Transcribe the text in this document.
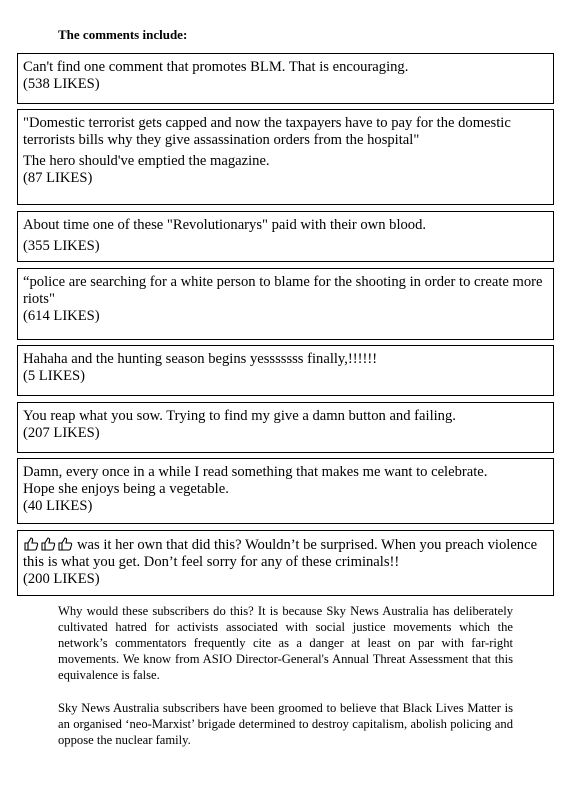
The comments include:

Can't find one comment that promotes BLM. That is encouraging.

(538 LIKES)

"Domestic terrorist gets capped and now the taxpayers have to pay for the domestic terrorists bills why they give assassination orders from the hospital"

The hero should've emptied the magazine.

(87 LIKES)

About time one of these "Revolutionarys" paid with their own blood.

(355 LIKES)

“police are searching for a white person to blame for the shooting in order to create more riots"

(614 LIKES)

Hahaha and the hunting season begins yesssssss finally,!!!!!!

(5 LIKES)

You reap what you sow. Trying to find my give a damn button and failing.

(207 LIKES)

Damn, every once in a while I read something that makes me want to celebrate.

Hope she enjoys being a vegetable.

(40 LIKES)

was it her own that did this? Wouldn’t be surprised. When you preach violence this is what you get. Don’t feel sorry for any of these criminals!!

(200 LIKES)

Why would these subscribers do this? It is because Sky News Australia has deliberately cultivated hatred for activists associated with social justice movements which the network’s commentators frequently cite as a danger at least on par with far-right movements. We know from ASIO Director-General's Annual Threat Assessment that this equivalence is false.

Sky News Australia subscribers have been groomed to believe that Black Lives Matter is an organised ‘neo-Marxist’ brigade determined to destroy capitalism, abolish policing and oppose the nuclear family.
